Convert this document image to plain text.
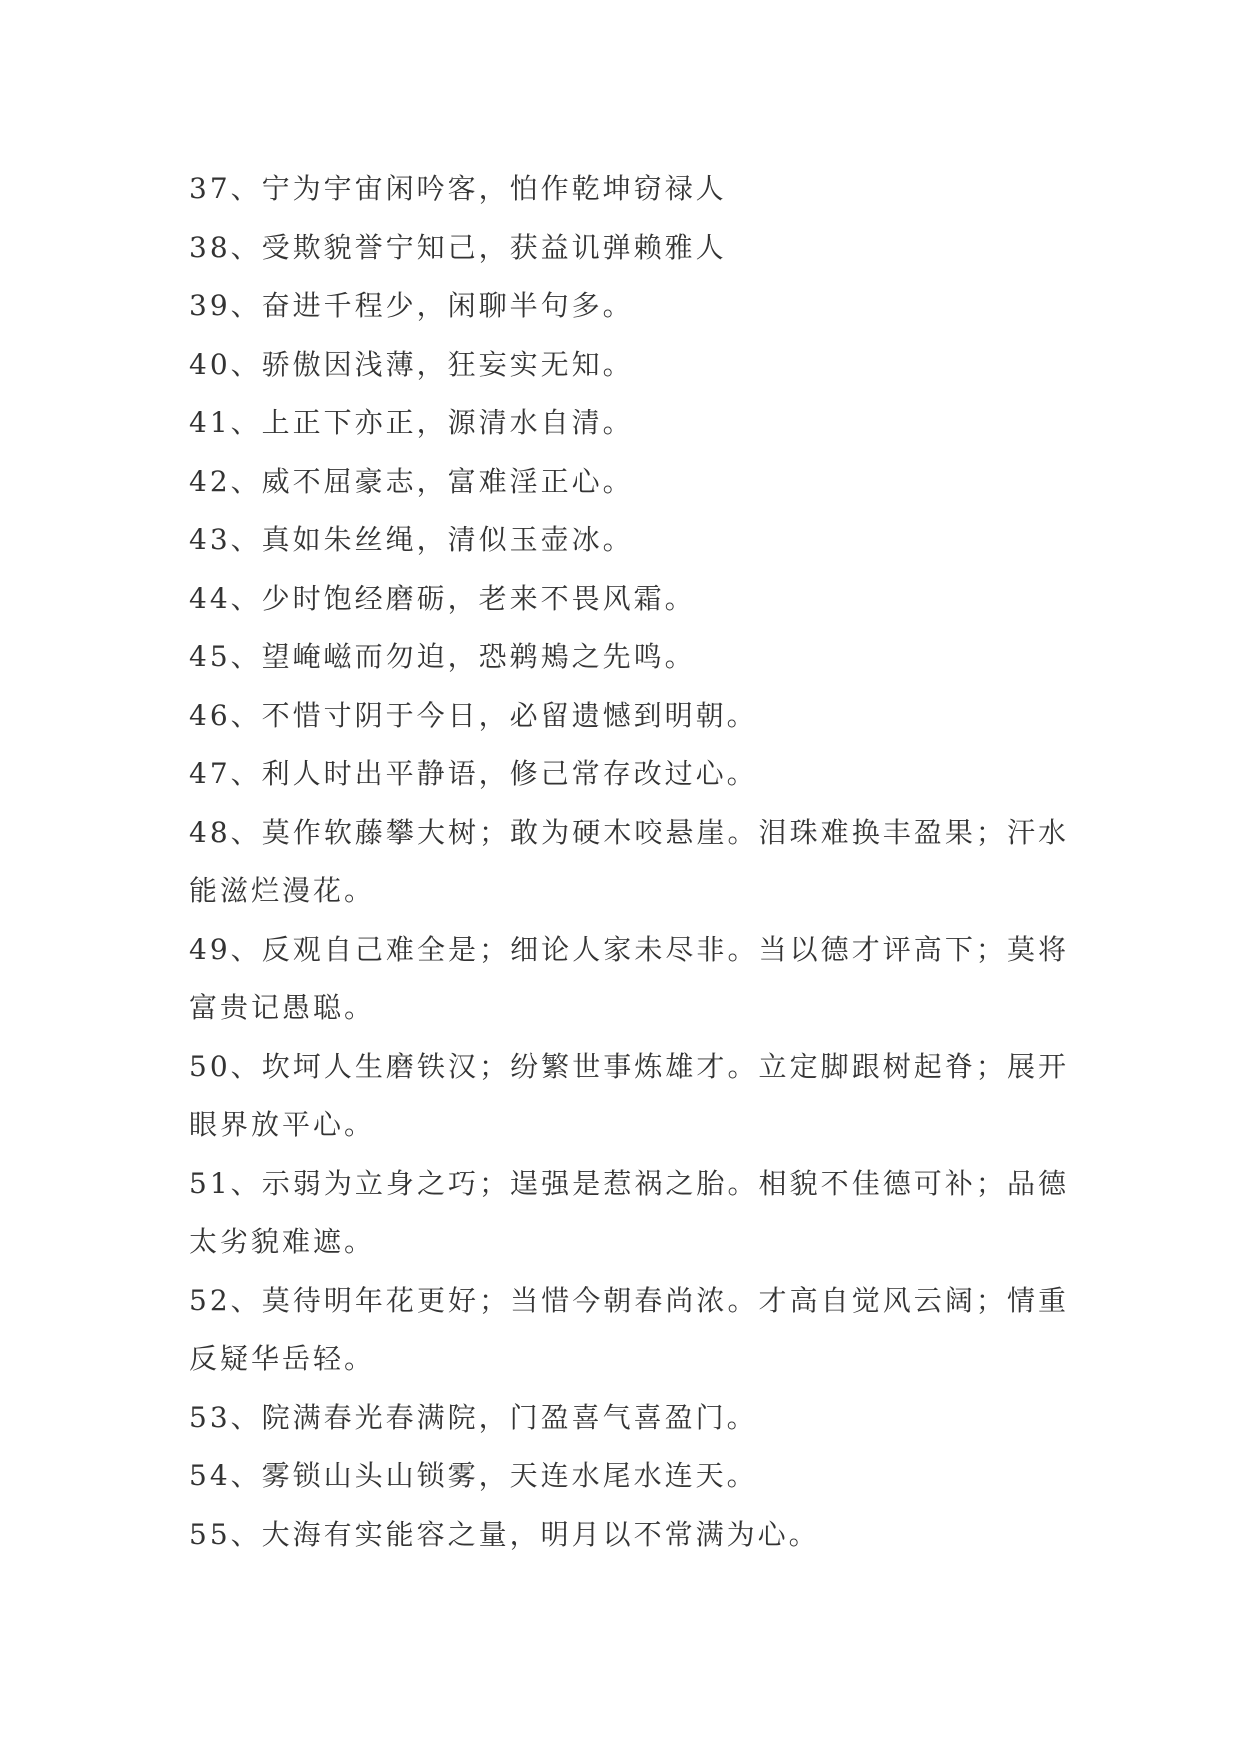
37、宁为宇宙闲吟客，怕作乾坤窃禄人
38、受欺貌誉宁知己，获益讥弹赖雅人
39、奋进千程少，闲聊半句多。
40、骄傲因浅薄，狂妄实无知。
41、上正下亦正，源清水自清。
42、威不屈豪志，富难淫正心。
43、真如朱丝绳，清似玉壶冰。
44、少时饱经磨砺，老来不畏风霜。
45、望崦嵫而勿迫，恐鹈鴂之先鸣。
46、不惜寸阴于今日，必留遗憾到明朝。
47、利人时出平静语，修己常存改过心。
48、莫作软藤攀大树；敢为硬木咬悬崖。泪珠难换丰盈果；汗水能滋烂漫花。
49、反观自己难全是；细论人家未尽非。当以德才评高下；莫将富贵记愚聪。
50、坎坷人生磨铁汉；纷繁世事炼雄才。立定脚跟树起脊；展开眼界放平心。
51、示弱为立身之巧；逞强是惹祸之胎。相貌不佳德可补；品德太劣貌难遮。
52、莫待明年花更好；当惜今朝春尚浓。才高自觉风云阔；情重反疑华岳轻。
53、院满春光春满院，门盈喜气喜盈门。
54、雾锁山头山锁雾，天连水尾水连天。
55、大海有实能容之量，明月以不常满为心。
